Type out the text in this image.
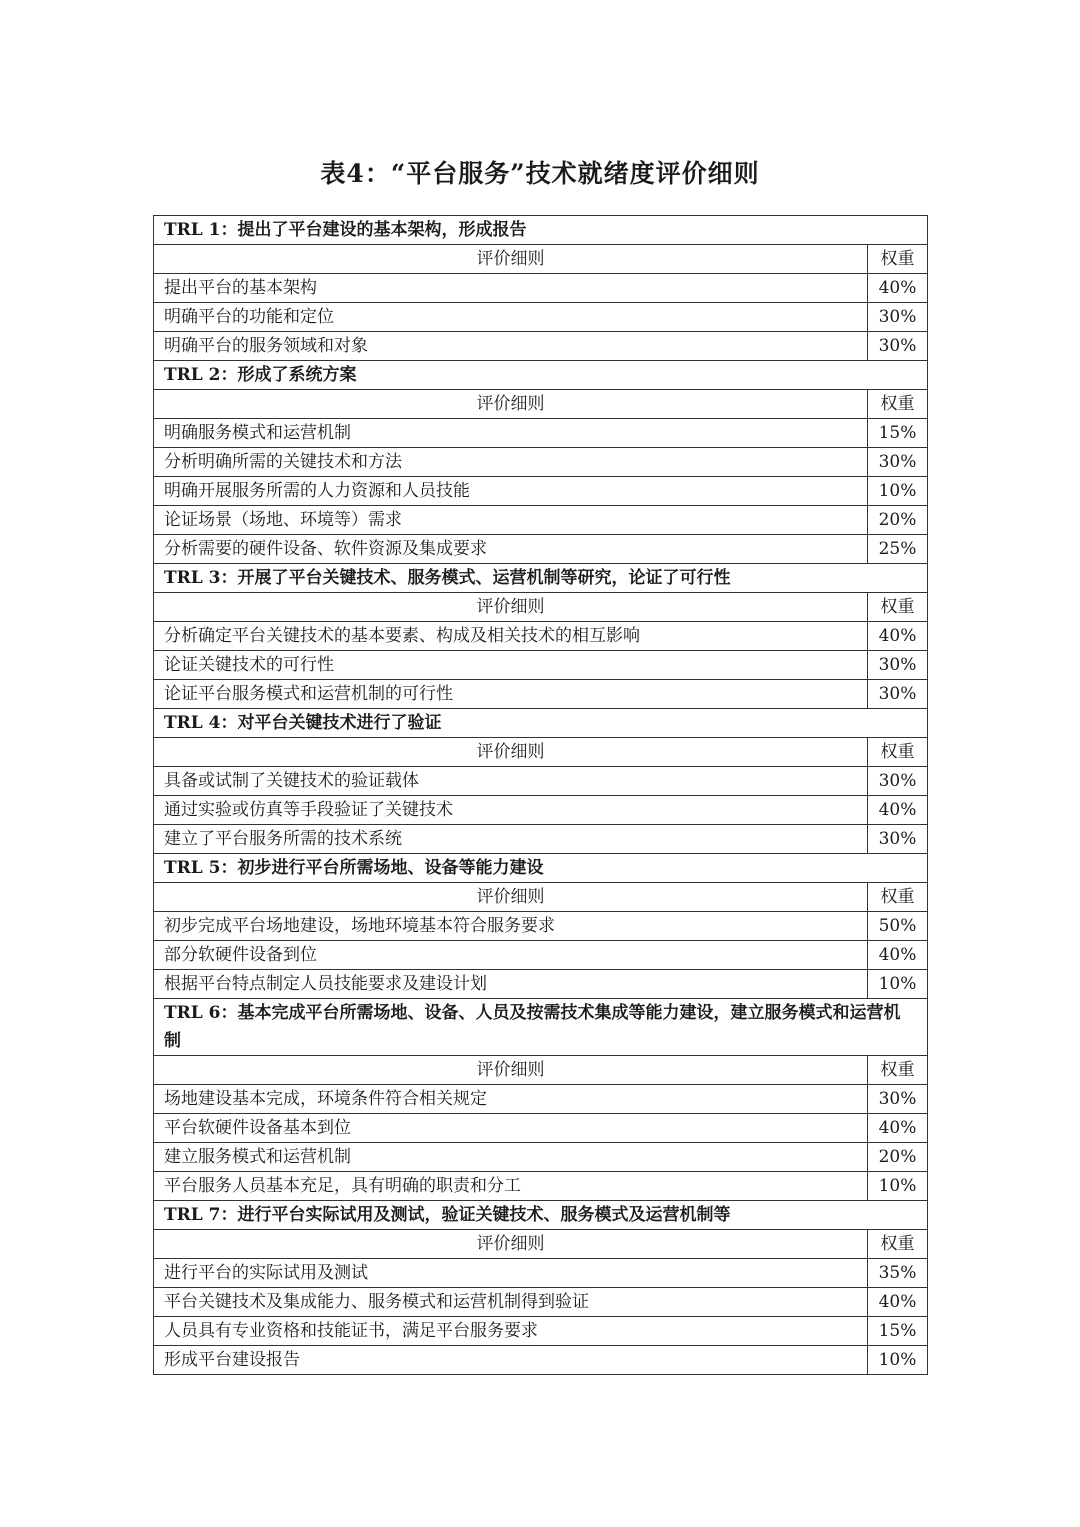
表4：“平台服务”技术就绪度评价细则
TRL 1：提出了平台建设的基本架构，形成报告	
评价细则	权重
提出平台的基本架构	40%
明确平台的功能和定位	30%
明确平台的服务领域和对象	30%
TRL 2：形成了系统方案	
评价细则	权重
明确服务模式和运营机制	15%
分析明确所需的关键技术和方法	30%
明确开展服务所需的人力资源和人员技能	10%
论证场景（场地、环境等）需求	20%
分析需要的硬件设备、软件资源及集成要求	25%
TRL 3：开展了平台关键技术、服务模式、运营机制等研究，论证了可行性	
评价细则	权重
分析确定平台关键技术的基本要素、构成及相关技术的相互影响	40%
论证关键技术的可行性	30%
论证平台服务模式和运营机制的可行性	30%
TRL 4：对平台关键技术进行了验证	
评价细则	权重
具备或试制了关键技术的验证载体	30%
通过实验或仿真等手段验证了关键技术	40%
建立了平台服务所需的技术系统	30%
TRL 5：初步进行平台所需场地、设备等能力建设	
评价细则	权重
初步完成平台场地建设，场地环境基本符合服务要求	50%
部分软硬件设备到位	40%
根据平台特点制定人员技能要求及建设计划	10%
TRL 6：基本完成平台所需场地、设备、人员及按需技术集成等能力建设，建立服务模式和运营机制	
评价细则	权重
场地建设基本完成，环境条件符合相关规定	30%
平台软硬件设备基本到位	40%
建立服务模式和运营机制	20%
平台服务人员基本充足，具有明确的职责和分工	10%
TRL 7：进行平台实际试用及测试，验证关键技术、服务模式及运营机制等	
评价细则	权重
进行平台的实际试用及测试	35%
平台关键技术及集成能力、服务模式和运营机制得到验证	40%
人员具有专业资格和技能证书，满足平台服务要求	15%
形成平台建设报告	10%
